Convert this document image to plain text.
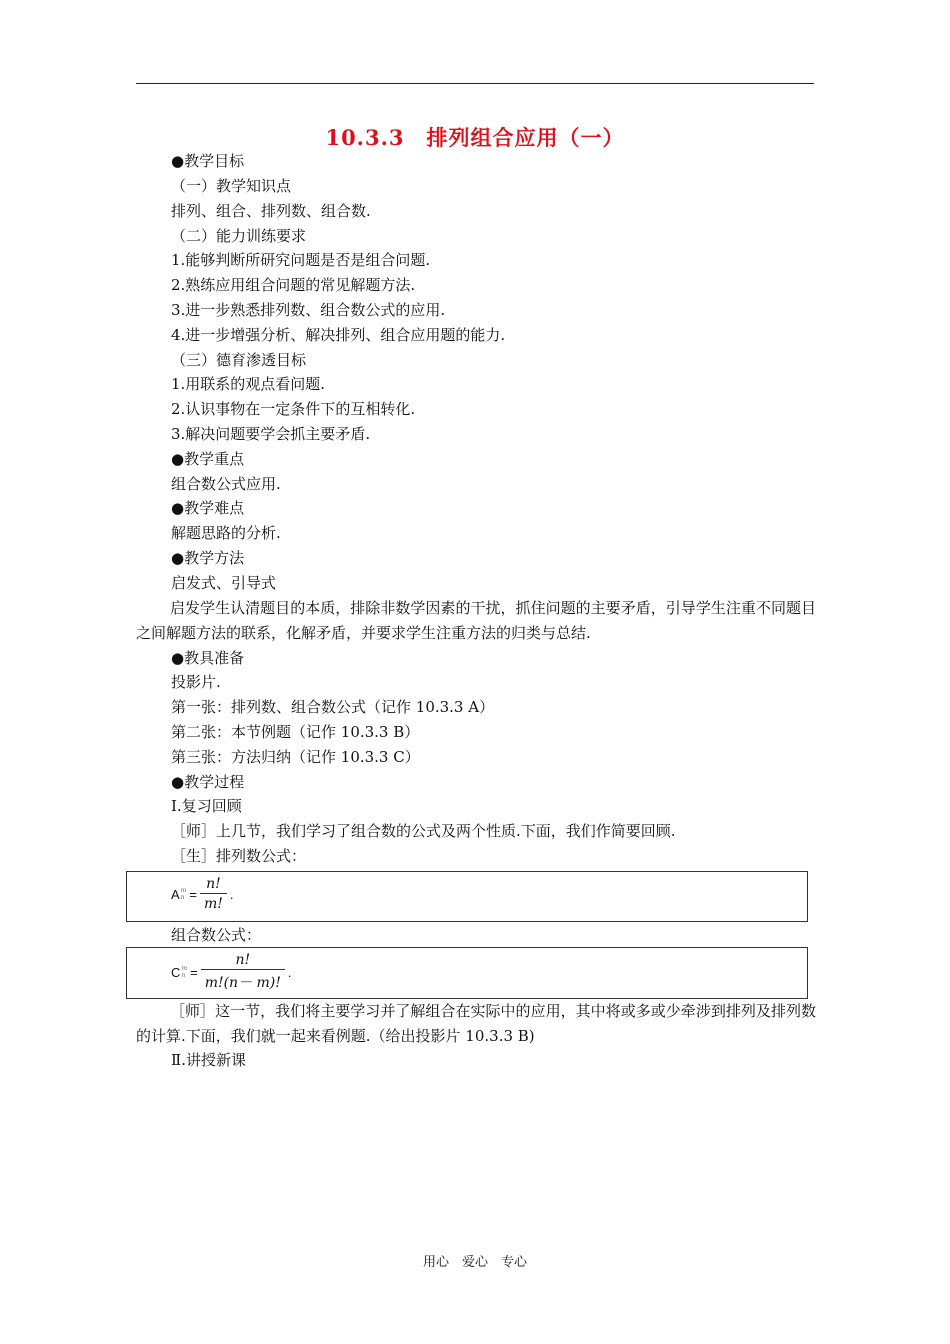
10.3.3　排列组合应用（一）
●教学目标
（一）教学知识点
排列、组合、排列数、组合数.
（二）能力训练要求
1.能够判断所研究问题是否是组合问题.
2.熟练应用组合问题的常见解题方法.
3.进一步熟悉排列数、组合数公式的应用.
4.进一步增强分析、解决排列、组合应用题的能力.
（三）德育渗透目标
1.用联系的观点看问题.
2.认识事物在一定条件下的互相转化.
3.解决问题要学会抓主要矛盾.
●教学重点
组合数公式应用.
●教学难点
解题思路的分析.
●教学方法
启发式、引导式
启发学生认清题目的本质，排除非数学因素的干扰，抓住问题的主要矛盾，引导学生注重不同题目之间解题方法的联系，化解矛盾，并要求学生注重方法的归类与总结.
●教具准备
投影片.
第一张：排列数、组合数公式（记作 10.3.3 A）
第二张：本节例题（记作 10.3.3 B）
第三张：方法归纳（记作 10.3.3 C）
●教学过程
Ⅰ.复习回顾
［师］上几节，我们学习了组合数的公式及两个性质.下面，我们作简要回顾.
［生］排列数公式：
A m
$n = \frac{n!}{m!}$ .
组合数公式：
C m
$n = \frac{n!}{m!(n- m)!}$ .
［师］这一节，我们将主要学习并了解组合在实际中的应用，其中将或多或少牵涉到排列及排列数的计算.下面，我们就一起来看例题.（给出投影片 10.3.3 B)
Ⅱ.讲授新课
用心　爱心　专心
